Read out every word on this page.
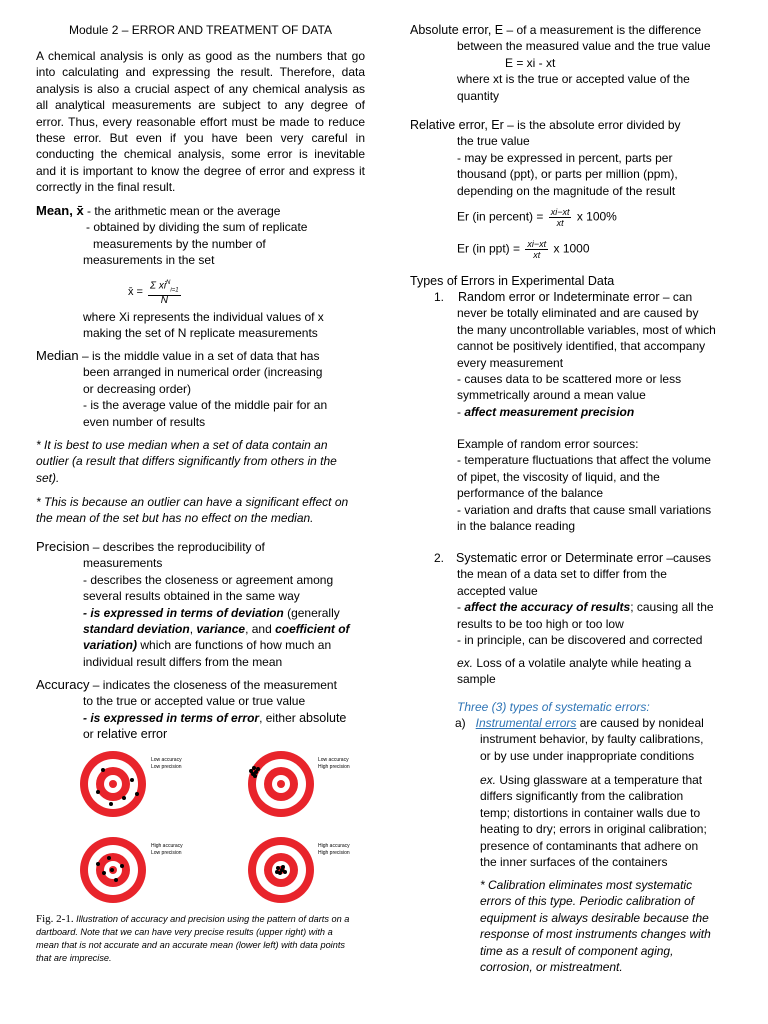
Module 2 – ERROR AND TREATMENT OF DATA

A chemical analysis is only as good as the numbers that go into calculating and expressing the result. Therefore, data analysis is also a crucial aspect of any chemical analysis as all analytical measurements are subject to any degree of error. Thus, every reasonable effort must be made to reduce these error. But even if you have been very careful in conducting the chemical analysis, some error is inevitable and it is important to know the degree of error and express it correctly in the final result.

Mean, x̄ - the arithmetic mean or the average

- obtained by dividing the sum of replicate

measurements by the number of

measurements in the set

x̄ = $\frac{\Sigma xi^N_{i=1}}{N}$

where Xi represents the individual values of x

making the set of N replicate measurements

Median – is the middle value in a set of data that has

been arranged in numerical order (increasing

or decreasing order)

- is the average value of the middle pair for an

even number of results

* It is best to use median when a set of data contain an outlier (a result that differs significantly from others in the set).

* This is because an outlier can have a significant effect on the mean of the set but has no effect on the median.

Precision – describes the reproducibility of

measurements

- describes the closeness or agreement among

several results obtained in the same way

- is expressed in terms of deviation (generally

standard deviation, variance, and coefficient of

variation) which are functions of how much an

individual result differs from the mean

Accuracy – indicates the closeness of the measurement

to the true or accepted value or true value

- is expressed in terms of error, either absolute

or relative error

Low accuracy
Low precision
Low accuracy
High precision
High accuracy
Low precision
High accuracy
High precision

Fig. 2-1. Illustration of accuracy and precision using the pattern of darts on a dartboard. Note that we can have very precise results (upper right) with a mean that is not accurate and an accurate mean (lower left) with data points that are imprecise.

Absolute error, E – of a measurement is the difference

between the measured value and the true value

E = xi - xt

where xt is the true or accepted value of the

quantity

Relative error, Er – is the absolute error divided by

the true value

- may be expressed in percent, parts per

thousand (ppt), or parts per million (ppm),

depending on the magnitude of the result

Er (in percent) = $\frac{xi-xt}{xt}$ x 100%
Er (in $ppt) = \frac{xi-xt}{xt}$ x 1000

Types of Errors in Experimental Data

1. Random error or Indeterminate error – can

never be totally eliminated and are caused by

the many uncontrollable variables, most of which

cannot be positively identified, that accompany

every measurement

- causes data to be scattered more or less

symmetrically around a mean value

- affect measurement precision

Example of random error sources:

- temperature fluctuations that affect the volume

of pipet, the viscosity of liquid, and the

performance of the balance

- variation and drafts that cause small variations

in the balance reading

2. Systematic error or Determinate error –causes

the mean of a data set to differ from the

accepted value

- affect the accuracy of results; causing all the

results to be too high or too low

- in principle, can be discovered and corrected

ex. Loss of a volatile analyte while heating a

sample

Three (3) types of systematic errors:

a) Instrumental errors are caused by nonideal

instrument behavior, by faulty calibrations,

or by use under inappropriate conditions

ex. Using glassware at a temperature that

differs significantly from the calibration

temp; distortions in container walls due to

heating to dry; errors in original calibration;

presence of contaminants that adhere on

the inner surfaces of the containers

* Calibration eliminates most systematic

errors of this type. Periodic calibration of

equipment is always desirable because the

response of most instruments changes with

time as a result of component aging,

corrosion, or mistreatment.
